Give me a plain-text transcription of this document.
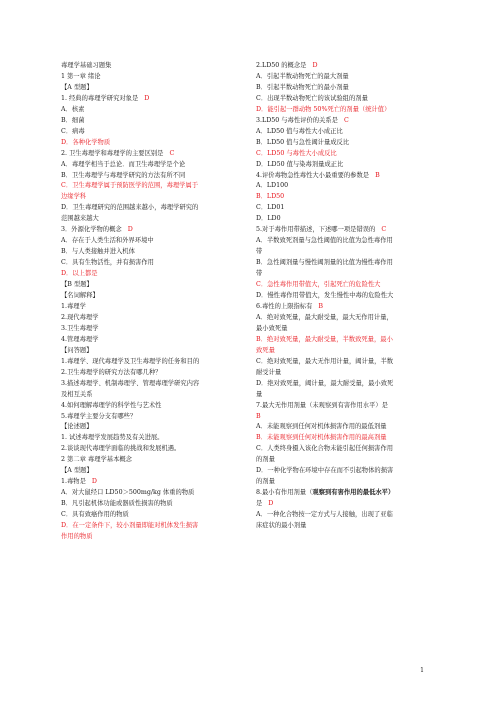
毒理学基础习题集
1 第一章 绪论
【A 型题】
1. 经典的毒理学研究对象是 D
A．核素
B．细菌
C．病毒
D．各种化学物质
2. 卫生毒理学和毒理学的主要区别是 C
A．毒理学相当于总论．而卫生毒理学是个论
B．卫生毒理学与毒理学研究的方法有所不同
C．卫生毒理学属于预防医学的范围，毒理学属于
边缘学科
D．卫生毒理研究的范围越来越小，毒理学研究的
范围越来越大
3．外源化学物的概念 D
A．存在于人类生活和外界环境中
B．与人类接触并进入机体
C．具有生物活性，并有损害作用
D．以上都是
【B 型题】
【名词解释】
1.毒理学
2.现代毒理学
3.卫生毒理学
4.管理毒理学
【问答题】
1.毒理学、现代毒理学及卫生毒理学的任务和目的
2.卫生毒理学的研究方法有哪几种？
3.描述毒理学、机制毒理学、管理毒理学研究内容
及相互关系
4.如何理解毒理学的科学性与艺术性
5.毒理学主要分支有哪些？
【论述题】
1. 试述毒理学发展趋势及有关进展。
2.谈谈现代毒理学面临的挑战和发展机遇。
2 第二章 毒理学基本概念
【A 型题】
1.毒物是 D
A．对大鼠经口 LD50＞500mg/kg 体重的物质
B．凡引起机体功能或器质性损害的物质
C．具有致癌作用的物质
D．在一定条件下，较小剂量即能对机体发生损害
作用的物质
2.LD50 的概念是 D
A．引起半数动物死亡的最大剂量
B．引起半数动物死亡的最小剂量
C．出现半数动物死亡的该试验组的剂量
D．能引起一群动物 50%死亡的剂量（统计值）
3.LD50 与毒性评价的关系是 C
A．LD50 值与毒性大小成正比
B．LD50 值与急性阈计量成反比
C．LD50 与毒性大小成反比
D．LD50 值与染毒剂量成正比
4.评价毒物急性毒性大小最重要的参数是 B
A．LD100
B．LD50
C．LD01
D．LD0
5.对于毒作用带描述，下述哪一项是错误的 C
A．半数致死剂量与急性阈值的比值为急性毒作用
带
B．急性阈剂量与慢性阈剂量的比值为慢性毒作用
带
C．急性毒作用带值大，引起死亡的危险性大
D．慢性毒作用带值大，发生慢性中毒的危险性大
6.毒性的上限指标有 B
A．绝对致死量，最大耐受量，最大无作用计量，
最小致死量
B．绝对致死量，最大耐受量，半数致死量，最小
致死量
C．绝对致死量，最大无作用计量，阈计量，半数
耐受计量
D．绝对致死量，阈计量，最大耐受量，最小致死
量
7.最大无作用剂量（未观察到有害作用水平）是
B
A．未能观察到任何对机体损害作用的最低剂量
B．未能观察到任何对机体损害作用的最高剂量
C．人类终身摄入该化合物未能引起任何损害作用
的剂量
D．一种化学物在环境中存在而不引起物体的损害
的剂量
8.最小有作用剂量（观察到有害作用的最低水平）
是 D
A．一种化合物按一定方式与人接触，出现了亚临
床症状的最小剂量
1
